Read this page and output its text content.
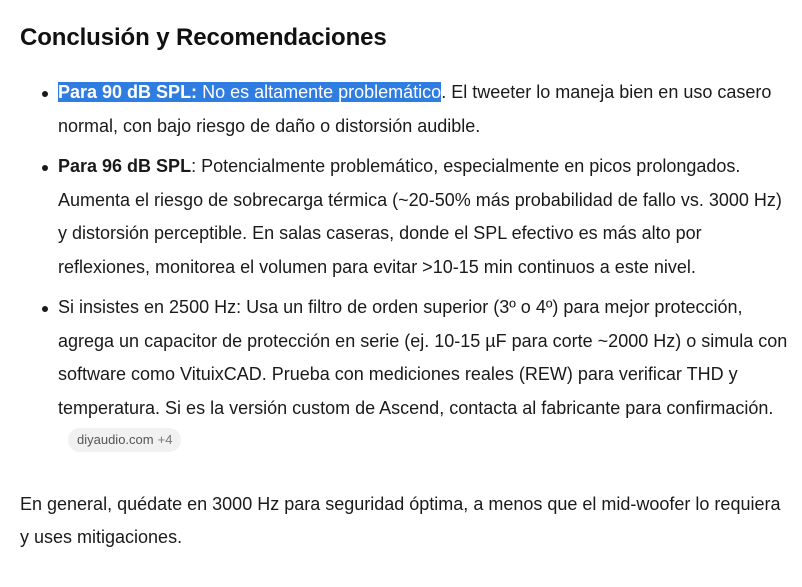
Conclusión y Recomendaciones
Para 90 dB SPL: No es altamente problemático. El tweeter lo maneja bien en uso casero normal, con bajo riesgo de daño o distorsión audible.
Para 96 dB SPL: Potencialmente problemático, especialmente en picos prolongados. Aumenta el riesgo de sobrecarga térmica (~20-50% más probabilidad de fallo vs. 3000 Hz) y distorsión perceptible. En salas caseras, donde el SPL efectivo es más alto por reflexiones, monitorea el volumen para evitar >10-15 min continuos a este nivel.
Si insistes en 2500 Hz: Usa un filtro de orden superior (3º o 4º) para mejor protección, agrega un capacitor de protección en serie (ej. 10-15 µF para corte ~2000 Hz) o simula con software como VituixCAD. Prueba con mediciones reales (REW) para verificar THD y temperatura. Si es la versión custom de Ascend, contacta al fabricante para confirmación.diyaudio.com +4

En general, quédate en 3000 Hz para seguridad óptima, a menos que el mid-woofer lo requiera y uses mitigaciones.
